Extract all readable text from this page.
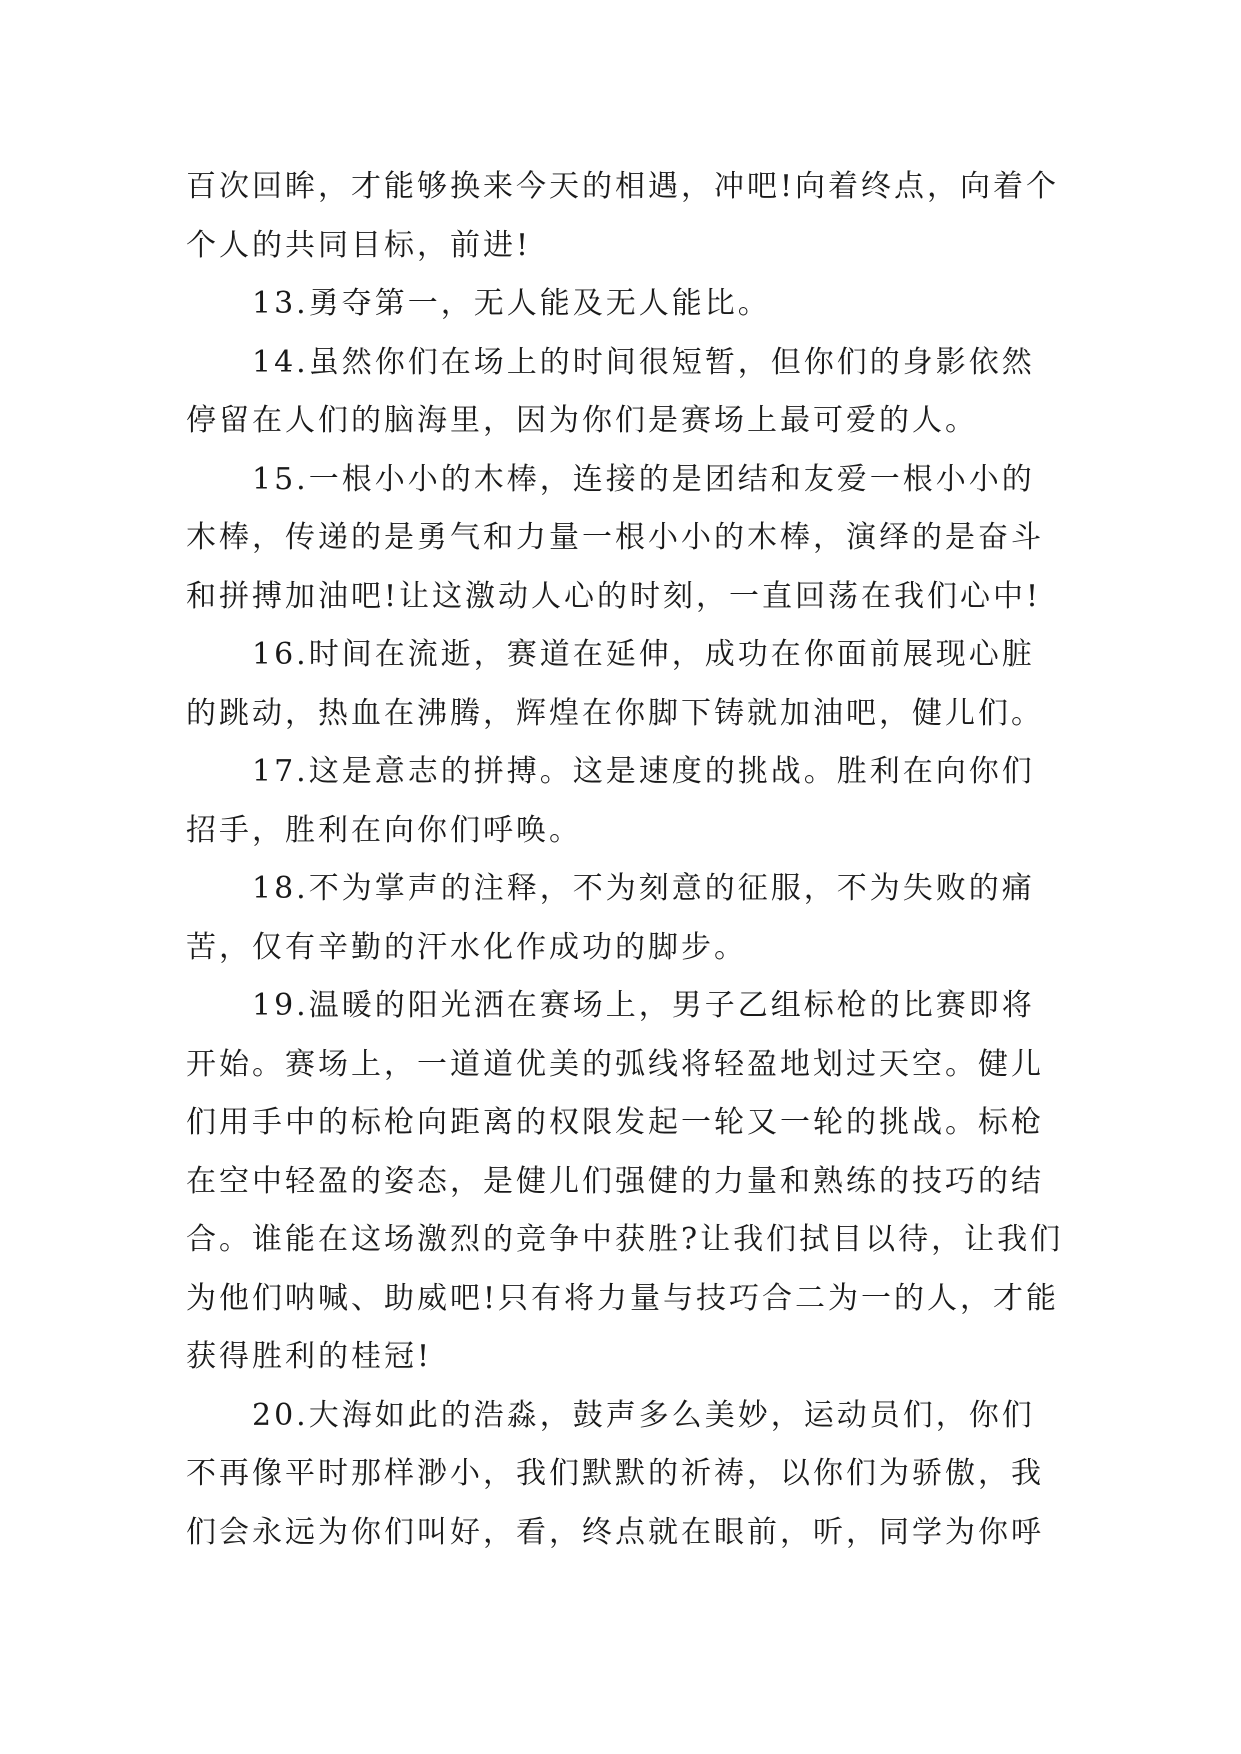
百次回眸，才能够换来今天的相遇，冲吧!向着终点，向着个个人的共同目标，前进!

13.勇夺第一，无人能及无人能比。

14.虽然你们在场上的时间很短暂，但你们的身影依然停留在人们的脑海里，因为你们是赛场上最可爱的人。

15.一根小小的木棒，连接的是团结和友爱一根小小的木棒，传递的是勇气和力量一根小小的木棒，演绎的是奋斗和拼搏加油吧!让这激动人心的时刻，一直回荡在我们心中!

16.时间在流逝，赛道在延伸，成功在你面前展现心脏的跳动，热血在沸腾，辉煌在你脚下铸就加油吧，健儿们。

17.这是意志的拼搏。这是速度的挑战。胜利在向你们招手，胜利在向你们呼唤。

18.不为掌声的注释，不为刻意的征服，不为失败的痛苦，仅有辛勤的汗水化作成功的脚步。

19.温暖的阳光洒在赛场上，男子乙组标枪的比赛即将开始。赛场上，一道道优美的弧线将轻盈地划过天空。健儿们用手中的标枪向距离的权限发起一轮又一轮的挑战。标枪在空中轻盈的姿态，是健儿们强健的力量和熟练的技巧的结合。谁能在这场激烈的竞争中获胜?让我们拭目以待，让我们为他们呐喊、助威吧!只有将力量与技巧合二为一的人，才能获得胜利的桂冠!

20.大海如此的浩淼，鼓声多么美妙，运动员们，你们不再像平时那样渺小，我们默默的祈祷，以你们为骄傲，我们会永远为你们叫好，看，终点就在眼前，听，同学为你呼
